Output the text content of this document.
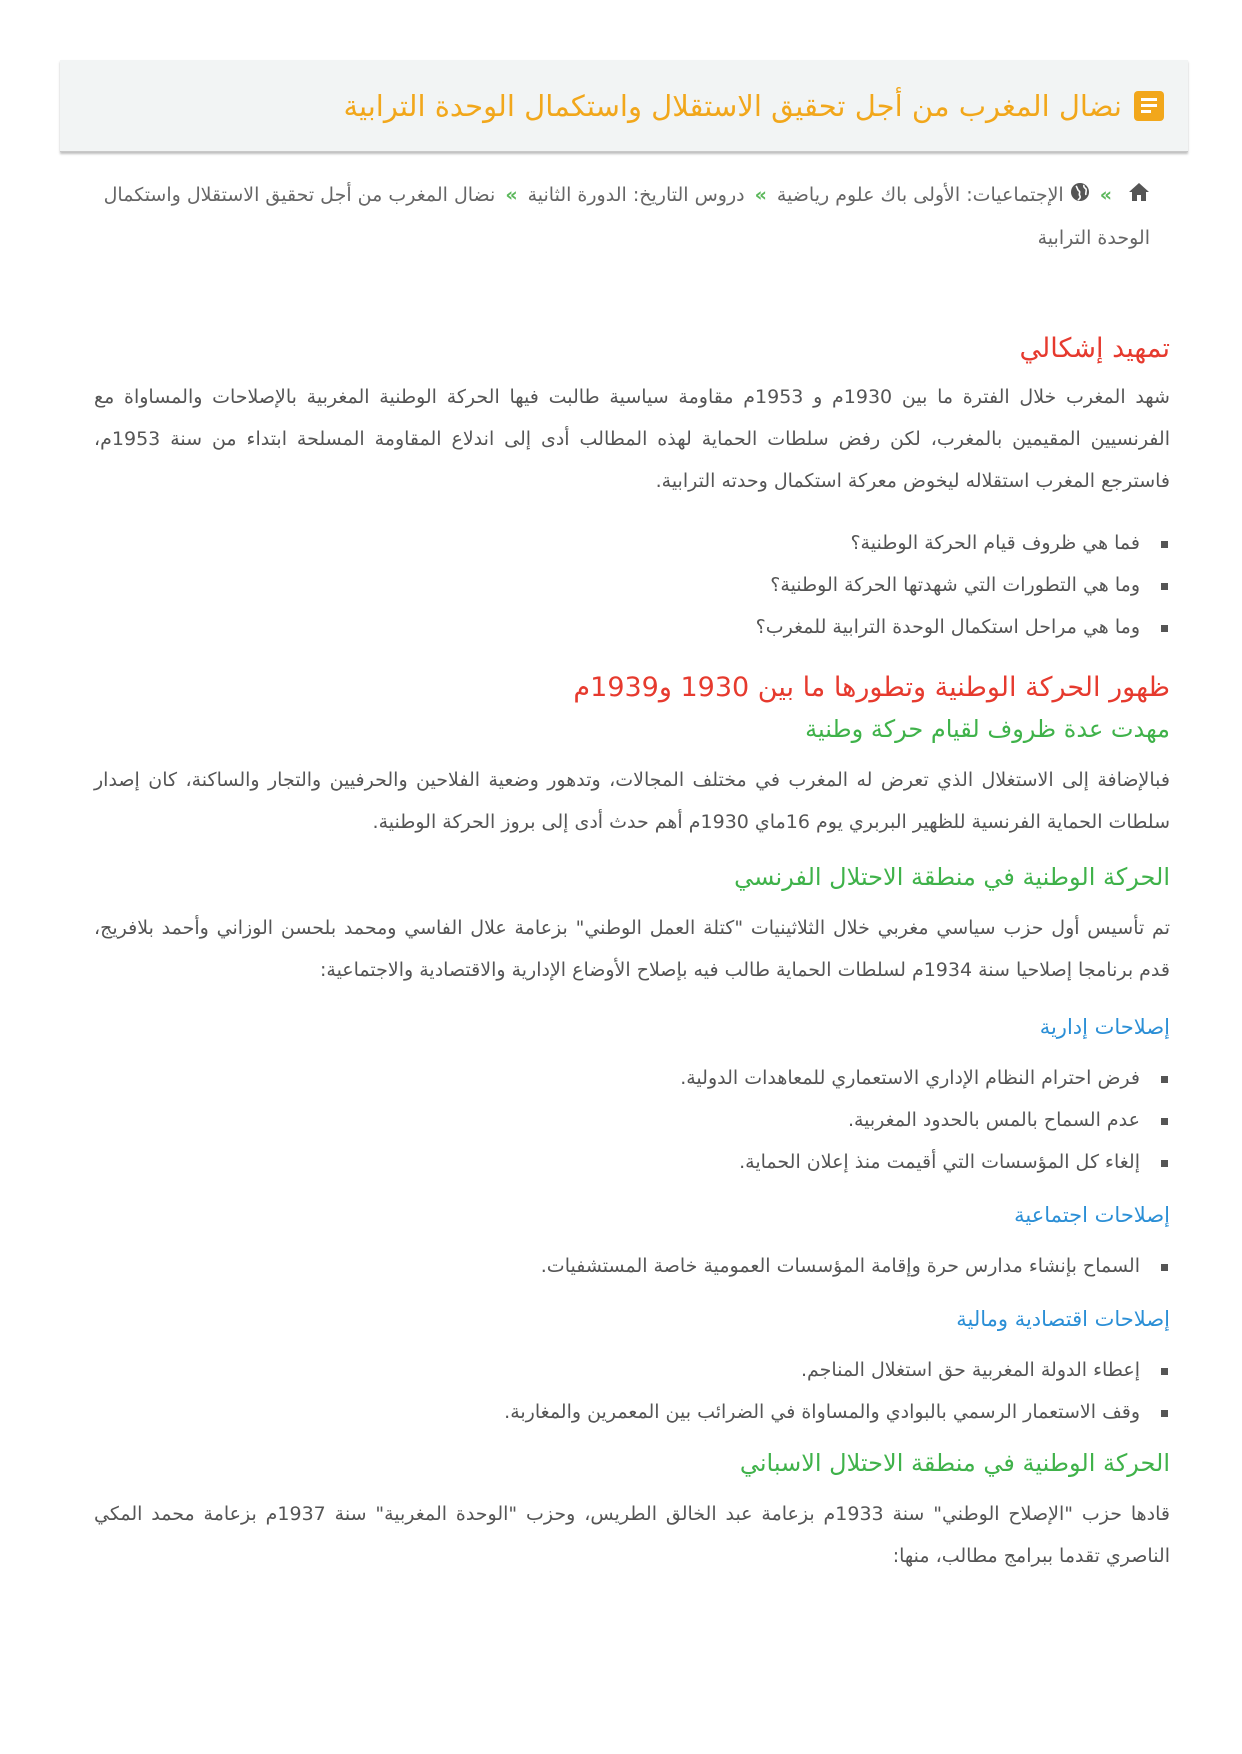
نضال المغرب من أجل تحقيق الاستقلال واستكمال الوحدة الترابية
»الإجتماعيات: الأولى باك علوم رياضية»دروس التاريخ: الدورة الثانية»نضال المغرب من أجل تحقيق الاستقلال واستكمال الوحدة الترابية
تمهيد إشكالي

شهد المغرب خلال الفترة ما بين 1930م و 1953م مقاومة سياسية طالبت فيها الحركة الوطنية المغربية بالإصلاحات والمساواة مع الفرنسيين المقيمين بالمغرب، لكن رفض سلطات الحماية لهذه المطالب أدى إلى اندلاع المقاومة المسلحة ابتداء من سنة 1953م، فاسترجع المغرب استقلاله ليخوض معركة استكمال وحدته الترابية.

فما هي ظروف قيام الحركة الوطنية؟
وما هي التطورات التي شهدتها الحركة الوطنية؟
وما هي مراحل استكمال الوحدة الترابية للمغرب؟
ظهور الحركة الوطنية وتطورها ما بين 1930 و1939م
مهدت عدة ظروف لقيام حركة وطنية

فبالإضافة إلى الاستغلال الذي تعرض له المغرب في مختلف المجالات، وتدهور وضعية الفلاحين والحرفيين والتجار والساكنة، كان إصدار سلطات الحماية الفرنسية للظهير البربري يوم 16ماي 1930م أهم حدث أدى إلى بروز الحركة الوطنية.

الحركة الوطنية في منطقة الاحتلال الفرنسي

تم تأسيس أول حزب سياسي مغربي خلال الثلاثينيات "كتلة العمل الوطني" بزعامة علال الفاسي ومحمد بلحسن الوزاني وأحمد بلافريج، قدم برنامجا إصلاحيا سنة 1934م لسلطات الحماية طالب فيه بإصلاح الأوضاع الإدارية والاقتصادية والاجتماعية:

إصلاحات إدارية
فرض احترام النظام الإداري الاستعماري للمعاهدات الدولية.
عدم السماح بالمس بالحدود المغربية.
إلغاء كل المؤسسات التي أقيمت منذ إعلان الحماية.
إصلاحات اجتماعية
السماح بإنشاء مدارس حرة وإقامة المؤسسات العمومية خاصة المستشفيات.
إصلاحات اقتصادية ومالية
إعطاء الدولة المغربية حق استغلال المناجم.
وقف الاستعمار الرسمي بالبوادي والمساواة في الضرائب بين المعمرين والمغاربة.
الحركة الوطنية في منطقة الاحتلال الاسباني

قادها حزب "الإصلاح الوطني" سنة 1933م بزعامة عبد الخالق الطريس، وحزب "الوحدة المغربية" سنة 1937م بزعامة محمد المكي الناصري تقدما ببرامج مطالب، منها:
